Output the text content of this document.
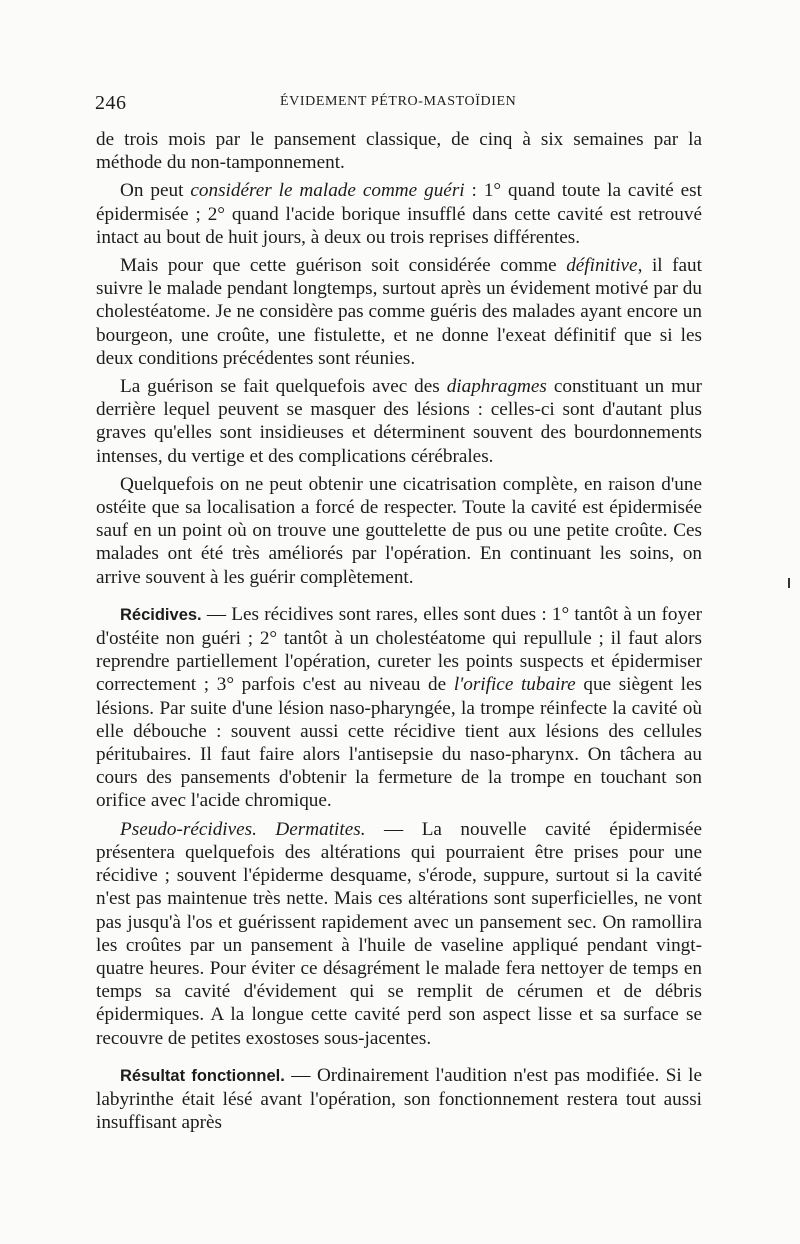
246	ÉVIDEMENT PÉTRO-MASTOÏDIEN

de trois mois par le pansement classique, de cinq à six semaines par la méthode du non-tamponnement.

On peut considérer le malade comme guéri : 1° quand toute la cavité est épidermisée ; 2° quand l'acide borique insufflé dans cette cavité est retrouvé intact au bout de huit jours, à deux ou trois reprises différentes.

Mais pour que cette guérison soit considérée comme définitive, il faut suivre le malade pendant longtemps, surtout après un évidement motivé par du cholestéatome. Je ne considère pas comme guéris des malades ayant encore un bourgeon, une croûte, une fistulette, et ne donne l'exeat définitif que si les deux conditions précédentes sont réunies.

La guérison se fait quelquefois avec des diaphragmes constituant un mur derrière lequel peuvent se masquer des lésions : celles-ci sont d'autant plus graves qu'elles sont insidieuses et déterminent souvent des bourdonnements intenses, du vertige et des complications cérébrales.

Quelquefois on ne peut obtenir une cicatrisation complète, en raison d'une ostéite que sa localisation a forcé de respecter. Toute la cavité est épidermisée sauf en un point où on trouve une gouttelette de pus ou une petite croûte. Ces malades ont été très améliorés par l'opération. En continuant les soins, on arrive souvent à les guérir complètement.

Récidives. — Les récidives sont rares, elles sont dues : 1° tantôt à un foyer d'ostéite non guéri ; 2° tantôt à un cholestéatome qui repullule ; il faut alors reprendre partiellement l'opération, cureter les points suspects et épidermiser correctement ; 3° parfois c'est au niveau de l'orifice tubaire que siègent les lésions. Par suite d'une lésion naso-pharyngée, la trompe réinfecte la cavité où elle débouche : souvent aussi cette récidive tient aux lésions des cellules péritubaires. Il faut faire alors l'antisepsie du naso-pharynx. On tâchera au cours des pansements d'obtenir la fermeture de la trompe en touchant son orifice avec l'acide chromique.

Pseudo-récidives. Dermatites. — La nouvelle cavité épidermisée présentera quelquefois des altérations qui pourraient être prises pour une récidive ; souvent l'épiderme desquame, s'érode, suppure, surtout si la cavité n'est pas maintenue très nette. Mais ces altérations sont superficielles, ne vont pas jusqu'à l'os et guérissent rapidement avec un pansement sec. On ramollira les croûtes par un pansement à l'huile de vaseline appliqué pendant vingt-quatre heures. Pour éviter ce désagrément le malade fera nettoyer de temps en temps sa cavité d'évidement qui se remplit de cérumen et de débris épidermiques. A la longue cette cavité perd son aspect lisse et sa surface se recouvre de petites exostoses sous-jacentes.

Résultat fonctionnel. — Ordinairement l'audition n'est pas modifiée. Si le labyrinthe était lésé avant l'opération, son fonctionnement restera tout aussi insuffisant après
